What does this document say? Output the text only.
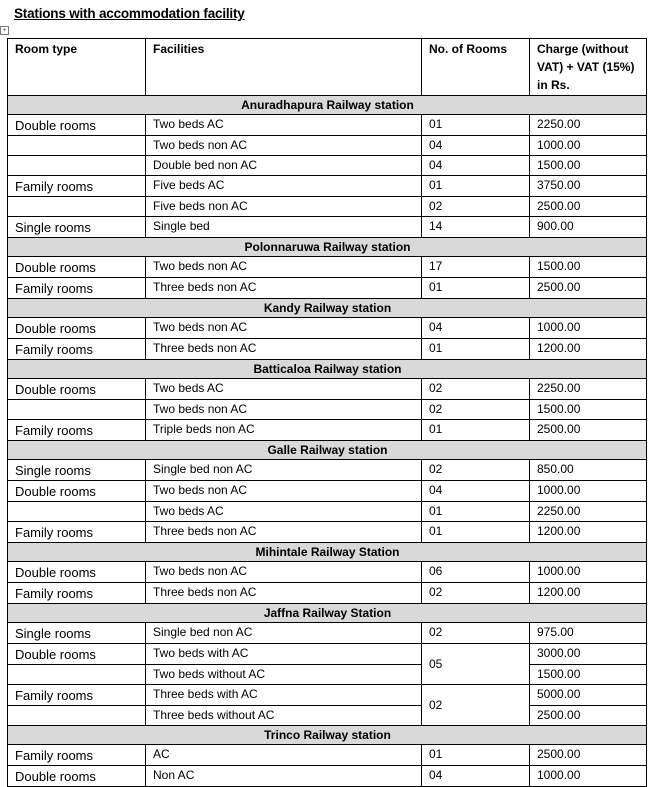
Stations with accommodation facility
+
Room type	Facilities	No. of Rooms	Charge (without VAT) + VAT (15%) in Rs.
Anuradhapura Railway station			
Double rooms	Two beds AC	01	2250.00
	Two beds non AC	04	1000.00
	Double bed non AC	04	1500.00
Family rooms	Five beds AC	01	3750.00
	Five beds non AC	02	2500.00
Single rooms	Single bed	14	900.00
Polonnaruwa Railway station			
Double rooms	Two beds non AC	17	1500.00
Family rooms	Three beds non AC	01	2500.00
Kandy Railway station			
Double rooms	Two beds non AC	04	1000.00
Family rooms	Three beds non AC	01	1200.00
Batticaloa Railway station			
Double rooms	Two beds AC	02	2250.00
	Two beds non AC	02	1500.00
Family rooms	Triple beds non AC	01	2500.00
Galle Railway station			
Single rooms	Single bed non AC	02	850.00
Double rooms	Two beds non AC	04	1000.00
	Two beds AC	01	2250.00
Family rooms	Three beds non AC	01	1200.00
Mihintale Railway Station			
Double rooms	Two beds non AC	06	1000.00
Family rooms	Three beds non AC	02	1200.00
Jaffna Railway Station			
Single rooms	Single bed non AC	02	975.00
Double rooms	Two beds with AC	05	3000.00
	Two beds without AC		1500.00
Family rooms	Three beds with AC	02	5000.00
	Three beds without AC		2500.00
Trinco Railway station			
Family rooms	AC	01	2500.00
Double rooms	Non AC	04	1000.00
